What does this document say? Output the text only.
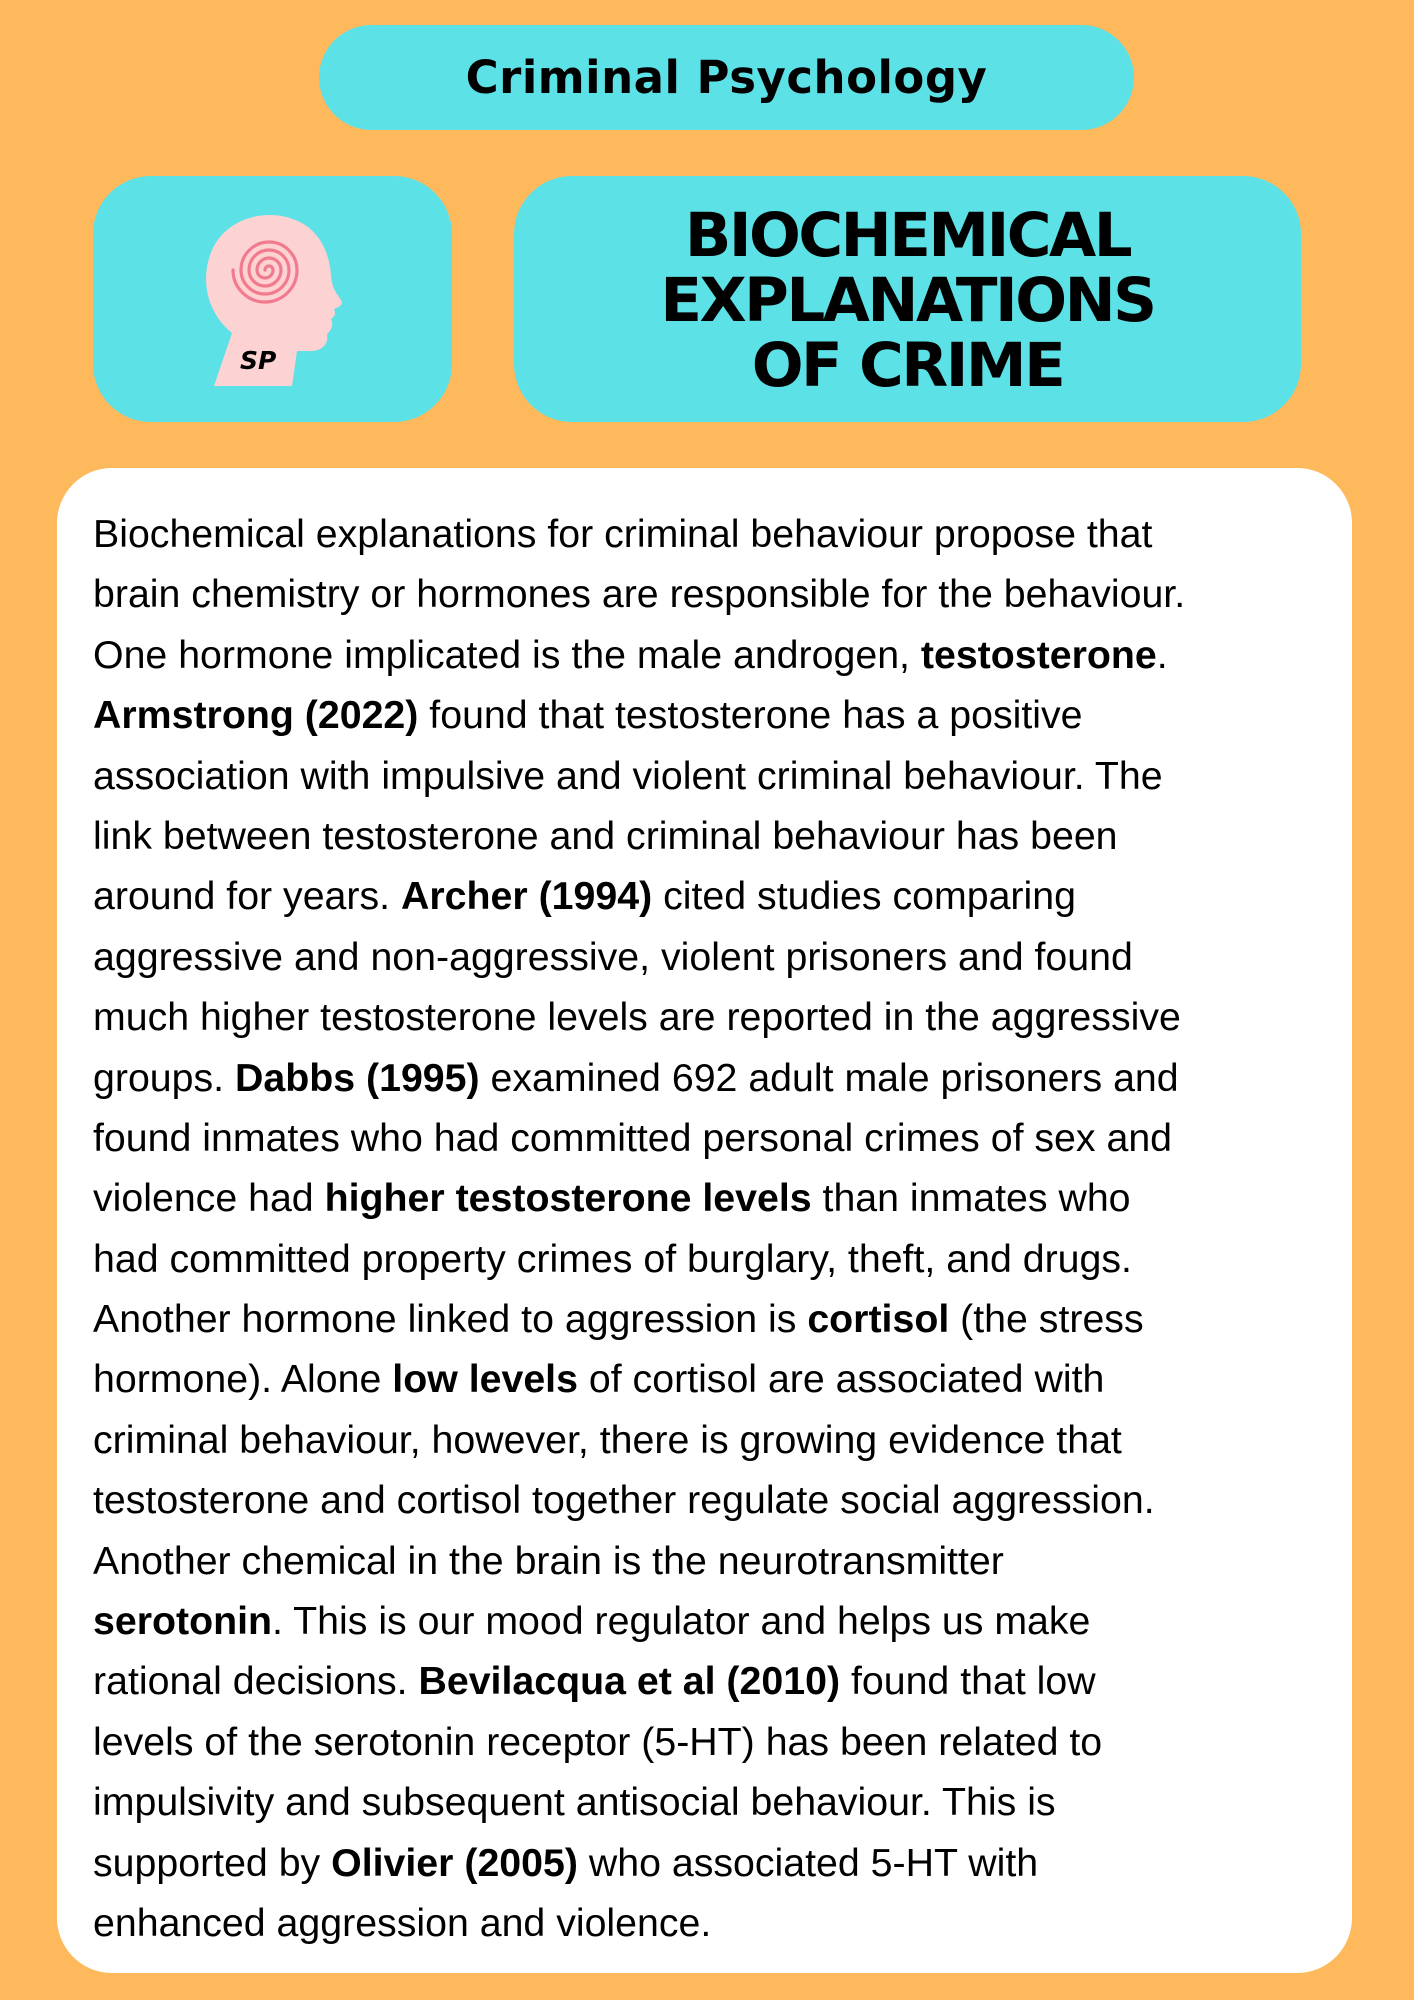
Criminal Psychology
SP
BIOCHEMICAL
EXPLANATIONS
OF CRIME
Biochemical explanations for criminal behaviour propose that
brain chemistry or hormones are responsible for the behaviour.
One hormone implicated is the male androgen, testosterone.
Armstrong (2022) found that testosterone has a positive
association with impulsive and violent criminal behaviour. The
link between testosterone and criminal behaviour has been
around for years. Archer (1994) cited studies comparing
aggressive and non-aggressive, violent prisoners and found
much higher testosterone levels are reported in the aggressive
groups. Dabbs (1995) examined 692 adult male prisoners and
found inmates who had committed personal crimes of sex and
violence had higher testosterone levels than inmates who
had committed property crimes of burglary, theft, and drugs.
Another hormone linked to aggression is cortisol (the stress
hormone). Alone low levels of cortisol are associated with
criminal behaviour, however, there is growing evidence that
testosterone and cortisol together regulate social aggression.
Another chemical in the brain is the neurotransmitter
serotonin. This is our mood regulator and helps us make
rational decisions. Bevilacqua et al (2010) found that low
levels of the serotonin receptor (5-HT) has been related to
impulsivity and subsequent antisocial behaviour. This is
supported by Olivier (2005) who associated 5-HT with
enhanced aggression and violence.
